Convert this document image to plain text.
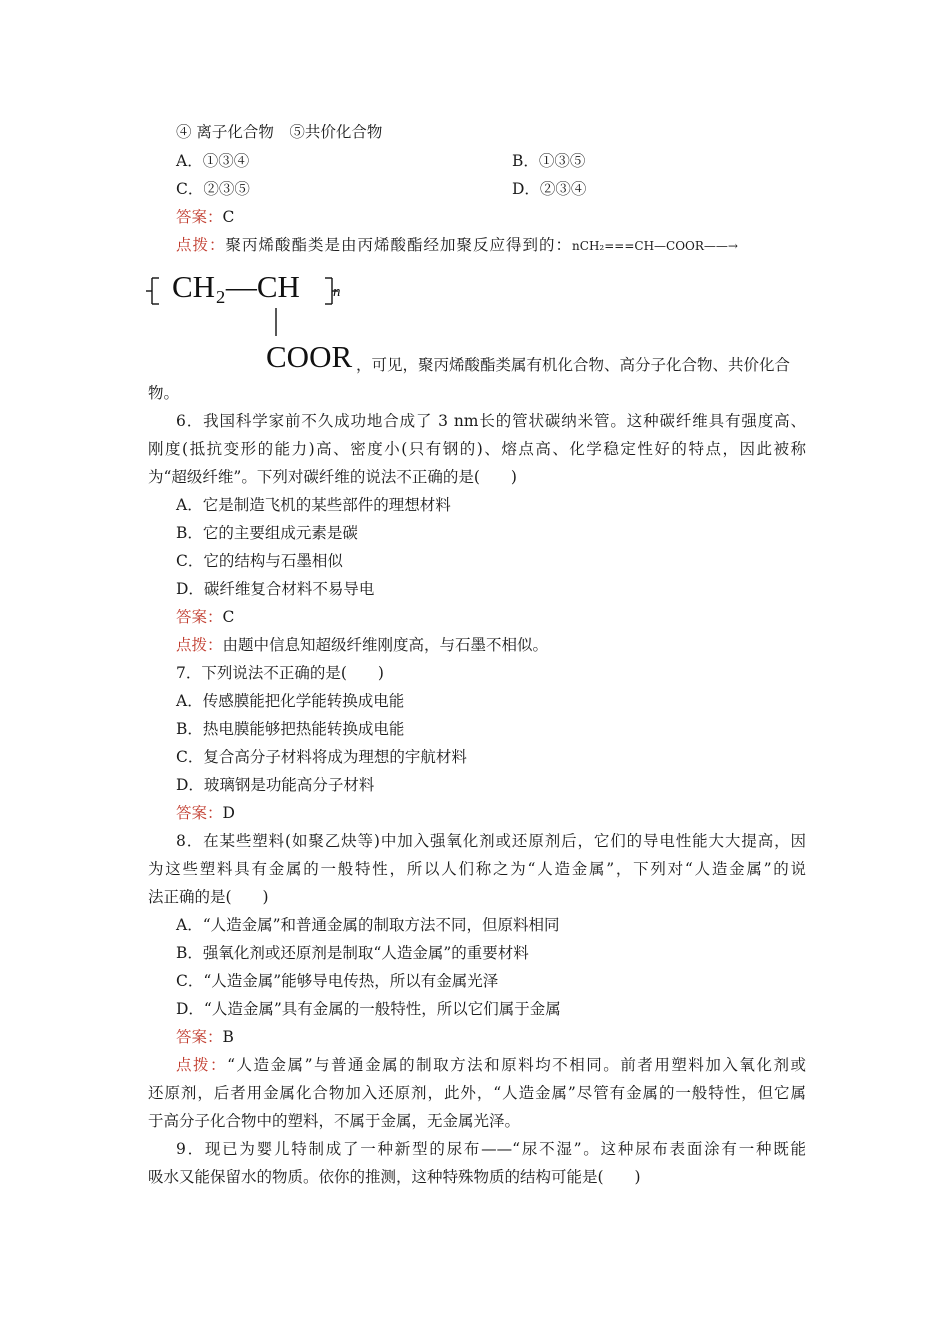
④ 离子化合物　⑤共价化合物
A．①③④	B．①③⑤
C．②③⑤	D．②③④
答案：C
点拨：聚丙烯酸酯类是由丙烯酸酯经加聚反应得到的：nCH₂===CH—COOR——→
CH₂—CH n
COOR ，可见，聚丙烯酸酯类属有机化合物、高分子化合物、共价化合
物。
6．我国科学家前不久成功地合成了 3 nm长的管状碳纳米管。这种碳纤维具有强度高、
刚度(抵抗变形的能力)高、密度小(只有钢的)、熔点高、化学稳定性好的特点，因此被称
为“超级纤维”。下列对碳纤维的说法不正确的是(　　)
A．它是制造飞机的某些部件的理想材料
B．它的主要组成元素是碳
C．它的结构与石墨相似
D．碳纤维复合材料不易导电
答案：C
点拨：由题中信息知超级纤维刚度高，与石墨不相似。
7．下列说法不正确的是(　　)
A．传感膜能把化学能转换成电能
B．热电膜能够把热能转换成电能
C．复合高分子材料将成为理想的宇航材料
D．玻璃钢是功能高分子材料
答案：D
8．在某些塑料(如聚乙炔等)中加入强氧化剂或还原剂后，它们的导电性能大大提高，因
为这些塑料具有金属的一般特性，所以人们称之为“人造金属”，下列对“人造金属”的说
法正确的是(　　)
A．“人造金属”和普通金属的制取方法不同，但原料相同
B．强氧化剂或还原剂是制取“人造金属”的重要材料
C．“人造金属”能够导电传热，所以有金属光泽
D．“人造金属”具有金属的一般特性，所以它们属于金属
答案：B
点拨：“人造金属”与普通金属的制取方法和原料均不相同。前者用塑料加入氧化剂或
还原剂，后者用金属化合物加入还原剂，此外，“人造金属”尽管有金属的一般特性，但它属
于高分子化合物中的塑料，不属于金属，无金属光泽。
9．现已为婴儿特制成了一种新型的尿布——“尿不湿”。这种尿布表面涂有一种既能
吸水又能保留水的物质。依你的推测，这种特殊物质的结构可能是(　　)
